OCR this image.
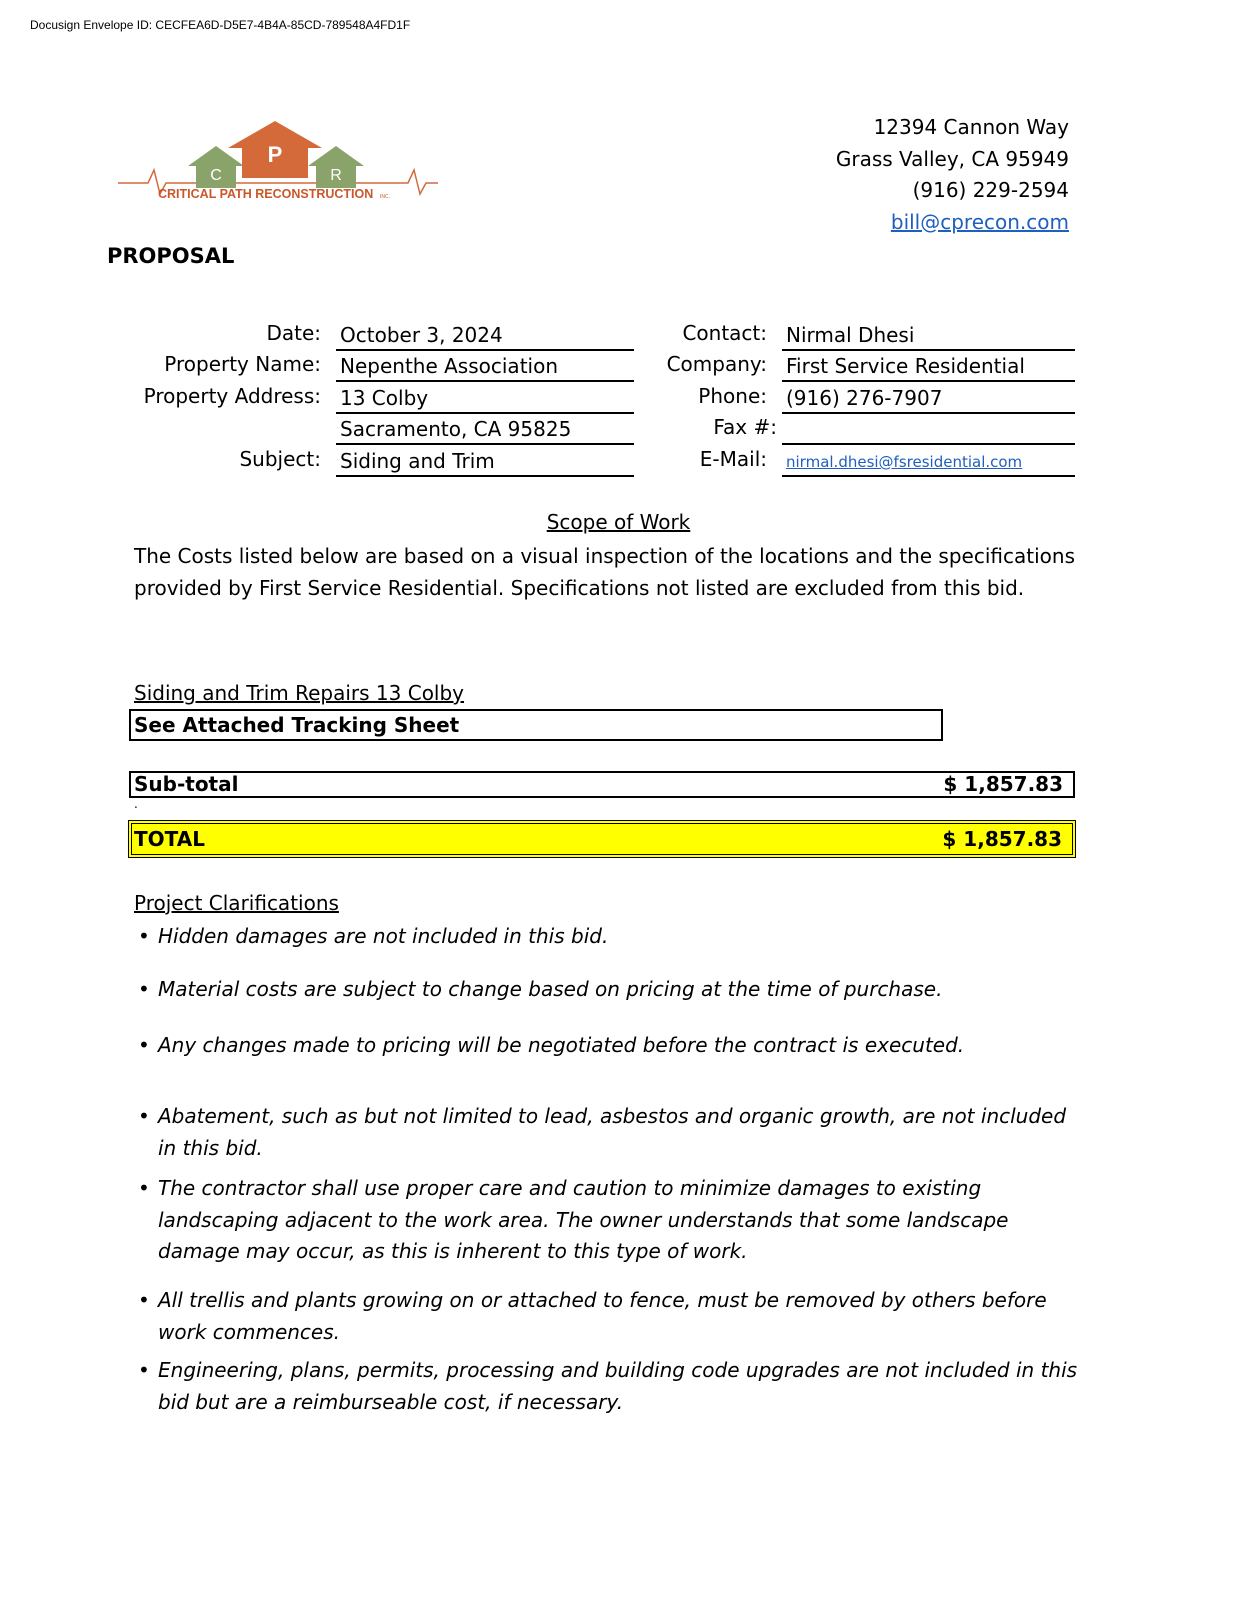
Docusign Envelope ID: CECFEA6D-D5E7-4B4A-85CD-789548A4FD1F
P
C	R
CRITICAL PATH RECONSTRUCTION INC.
12394 Cannon Way
Grass Valley, CA 95949
(916) 229-2594
bill@cprecon.com
PROPOSAL
Date: October 3, 2024
Property Name: Nepenthe Association
Property Address: 13 Colby
Sacramento, CA 95825
Subject: Siding and Trim
Contact: Nirmal Dhesi
Company: First Service Residential
Phone: (916) 276-7907
Fax #:
E-Mail: nirmal.dhesi@fsresidential.com
Scope of Work
The Costs listed below are based on a visual inspection of the locations and the specifications provided by First Service Residential. Specifications not listed are excluded from this bid.
Siding and Trim Repairs 13 Colby
See Attached Tracking Sheet
Sub-total	$ 1,857.83
.
TOTAL	$ 1,857.83
Project Clarifications
• Hidden damages are not included in this bid.
• Material costs are subject to change based on pricing at the time of purchase.
• Any changes made to pricing will be negotiated before the contract is executed.
• Abatement, such as but not limited to lead, asbestos and organic growth, are not included in this bid.
• The contractor shall use proper care and caution to minimize damages to existing landscaping adjacent to the work area. The owner understands that some landscape damage may occur, as this is inherent to this type of work.
• All trellis and plants growing on or attached to fence, must be removed by others before work commences.
• Engineering, plans, permits, processing and building code upgrades are not included in this bid but are a reimburseable cost, if necessary.
